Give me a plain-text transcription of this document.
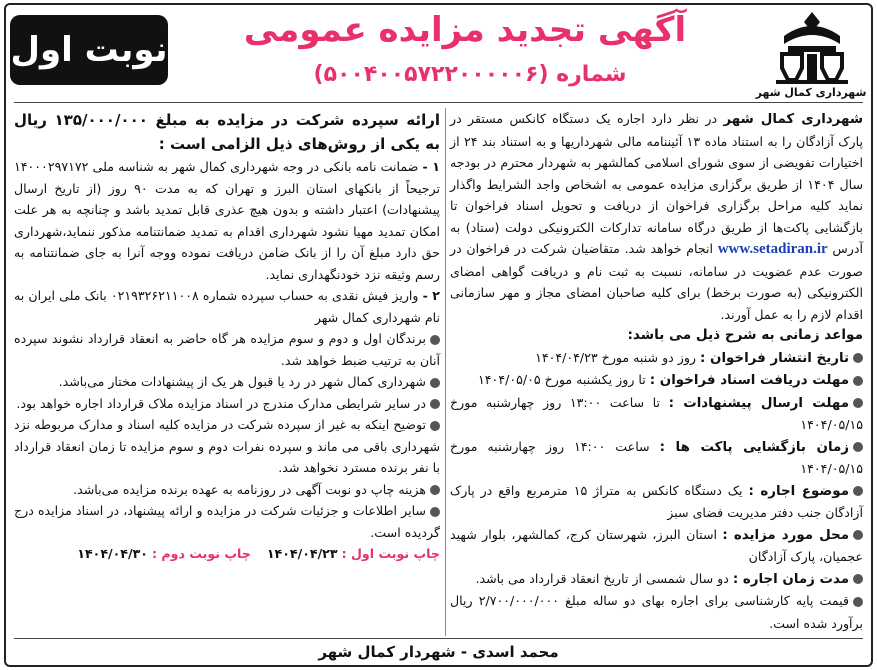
شهرداری کمال شهر
آگهی تجدید مزایده عمومی
شماره (۵۰۰۴۰۰۵۷۲۲۰۰۰۰۰۶)
نوبت اول

شهرداری کمال شهر در نظر دارد اجاره یک دستگاه کانکس مستقر در پارک آزادگان را به استناد ماده ۱۳ آئیننامه مالی شهرداریها و به استناد بند ۲۴ از اختیارات تفویضی از سوی شورای اسلامی کمالشهر به شهردار محترم در بودجه سال ۱۴۰۴ از طریق برگزاری مزایده عمومی به اشخاص واجد الشرایط واگذار نماید کلیه مراحل برگزاری فراخوان از دریافت و تحویل اسناد فراخوان تا بازگشایی پاکت‌ها از طریق درگاه سامانه تدارکات الکترونیکی دولت (ستاد) به آدرس www.setadiran.ir انجام خواهد شد. متقاضیان شرکت در فراخوان در صورت عدم عضویت در سامانه، نسبت به ثبت نام و دریافت گواهی امضای الکترونیکی (به صورت برخط) برای کلیه صاحبان امضای مجاز و مهر سازمانی اقدام لازم را به عمل آورند.

مواعد زمانی به شرح ذیل می باشد:

تاریخ انتشار فراخوان : روز دو شنبه مورخ ۱۴۰۴/۰۴/۲۳
مهلت دریافت اسناد فراخوان : تا روز یکشنبه مورخ ۱۴۰۴/۰۵/۰۵
مهلت ارسال پیشنهادات : تا ساعت ۱۳:۰۰ روز چهارشنبه مورخ ۱۴۰۴/۰۵/۱۵
زمان بازگشایی پاکت ها : ساعت ۱۴:۰۰ روز چهارشنبه مورخ ۱۴۰۴/۰۵/۱۵
موضوع اجاره : یک دستگاه کانکس به متراژ ۱۵ مترمربع واقع در پارک آزادگان جنب دفتر مدیریت فضای سبز
محل مورد مزایده : استان البرز، شهرستان کرج، کمالشهر، بلوار شهید عجمیان، پارک آزادگان
مدت زمان اجاره : دو سال شمسی از تاریخ انعقاد قرارداد می باشد.
قیمت پایه کارشناسی برای اجاره بهای دو ساله مبلغ ۲/۷۰۰/۰۰۰/۰۰۰ ریال برآورد شده است.

ارائه سپرده شرکت در مزایده به مبلغ ۱۳۵/۰۰۰/۰۰۰ ریال به یکی از روش‌های ذیل الزامی است :

۱ - ضمانت نامه بانکی در وجه شهرداری کمال شهر به شناسه ملی ۱۴۰۰۰۲۹۷۱۷۲ ترجیحاً از بانکهای استان البرز و تهران که به مدت ۹۰ روز (از تاریخ ارسال پیشنهادات) اعتبار داشته و بدون هیچ عذری قابل تمدید باشد و چنانچه به هر علت امکان تمدید مهیا نشود شهرداری اقدام به تمدید ضمانتنامه مذکور ننماید،شهرداری حق دارد مبلغ آن را از بانک ضامن دریافت نموده ووجه آنرا به جای ضمانتنامه به رسم وثیقه نزد خودنگهداری نماید.

۲ - واریز فیش نقدی به حساب سپرده شماره ۰۲۱۹۳۲۶۲۱۱۰۰۸ بانک ملی ایران به نام شهرداری کمال شهر

برندگان اول و دوم و سوم مزایده هر گاه حاضر به انعقاد قرارداد نشوند سپرده آنان به ترتیب ضبط خواهد شد.
شهرداری کمال شهر در رد یا قبول هر یک از پیشنهادات مختار می‌باشد.
در سایر شرایطی مدارک مندرج در اسناد مزایده ملاک قرارداد اجاره خواهد بود.
توضیح اینکه به غیر از سپرده شرکت در مزایده کلیه اسناد و مدارک مربوطه نزد شهرداری باقی می ماند و سپرده نفرات دوم و سوم مزایده تا زمان انعقاد قرارداد با نفر برنده مسترد نخواهد شد.
هزینه چاپ دو نوبت آگهی در روزنامه به عهده برنده مزایده می‌باشد.
سایر اطلاعات و جزئیات شرکت در مزایده و ارائه پیشنهاد، در اسناد مزایده درج گردیده است.

چاپ نوبت اول : ۱۴۰۴/۰۴/۲۳    چاپ نوبت دوم : ۱۴۰۴/۰۴/۳۰

محمد اسدی - شهردار کمال شهر
